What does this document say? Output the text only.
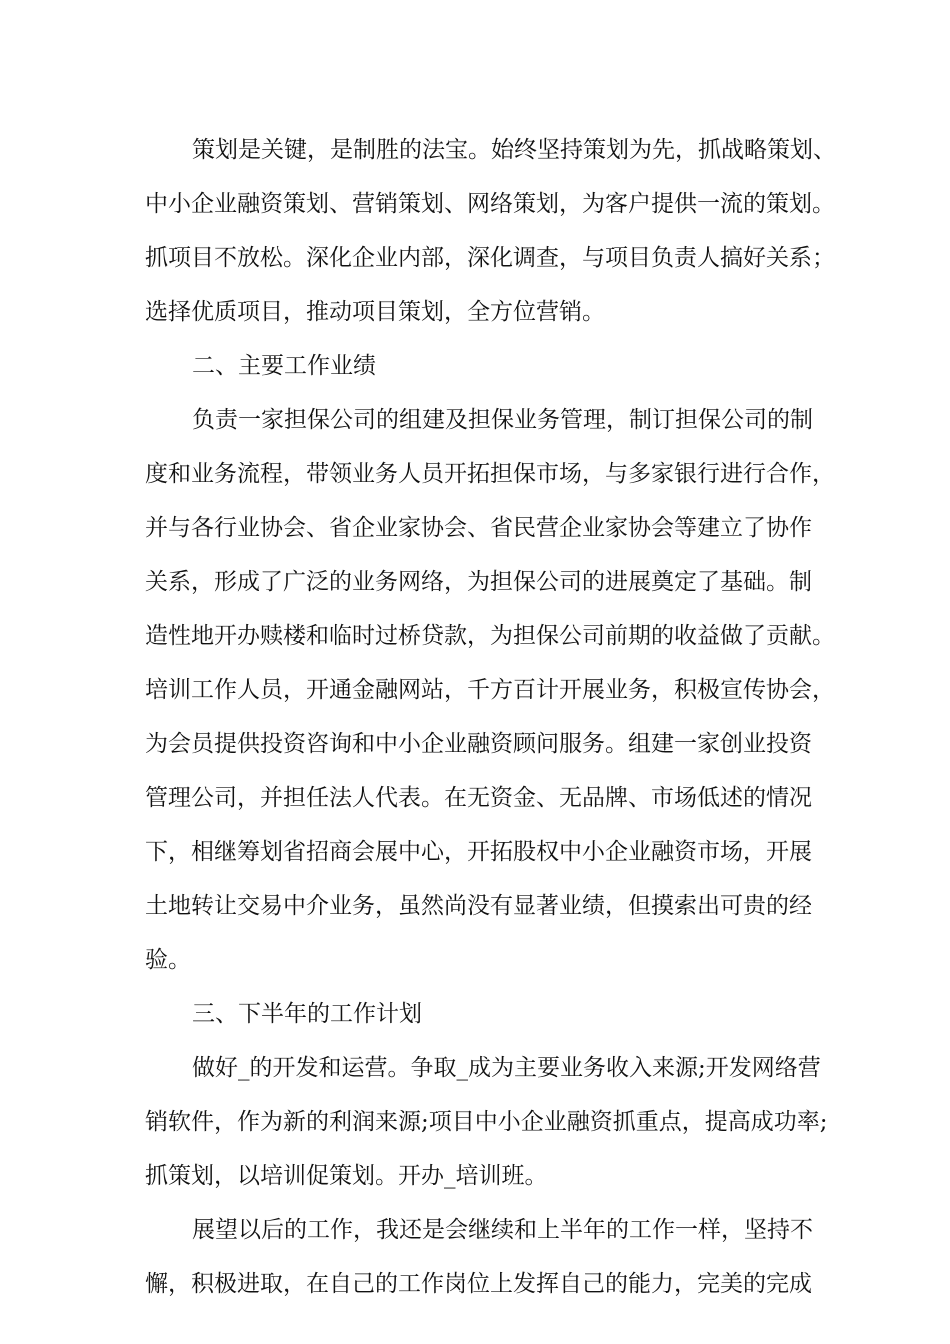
策划是关键，是制胜的法宝。始终坚持策划为先，抓战略策划、
中小企业融资策划、营销策划、网络策划，为客户提供一流的策划。
抓项目不放松。深化企业内部，深化调查，与项目负责人搞好关系；
选择优质项目，推动项目策划，全方位营销。
二、主要工作业绩
负责一家担保公司的组建及担保业务管理，制订担保公司的制
度和业务流程，带领业务人员开拓担保市场，与多家银行进行合作，
并与各行业协会、省企业家协会、省民营企业家协会等建立了协作
关系，形成了广泛的业务网络，为担保公司的进展奠定了基础。制
造性地开办赎楼和临时过桥贷款，为担保公司前期的收益做了贡献。
培训工作人员，开通金融网站，千方百计开展业务，积极宣传协会，
为会员提供投资咨询和中小企业融资顾问服务。组建一家创业投资
管理公司，并担任法人代表。在无资金、无品牌、市场低述的情况
下，相继筹划省招商会展中心，开拓股权中小企业融资市场，开展
土地转让交易中介业务，虽然尚没有显著业绩，但摸索出可贵的经
验。
三、下半年的工作计划
做好_的开发和运营。争取_成为主要业务收入来源;开发网络营
销软件，作为新的利润来源;项目中小企业融资抓重点，提高成功率;
抓策划，以培训促策划。开办_培训班。
展望以后的工作，我还是会继续和上半年的工作一样，坚持不
懈，积极进取，在自己的工作岗位上发挥自己的能力，完美的完成
